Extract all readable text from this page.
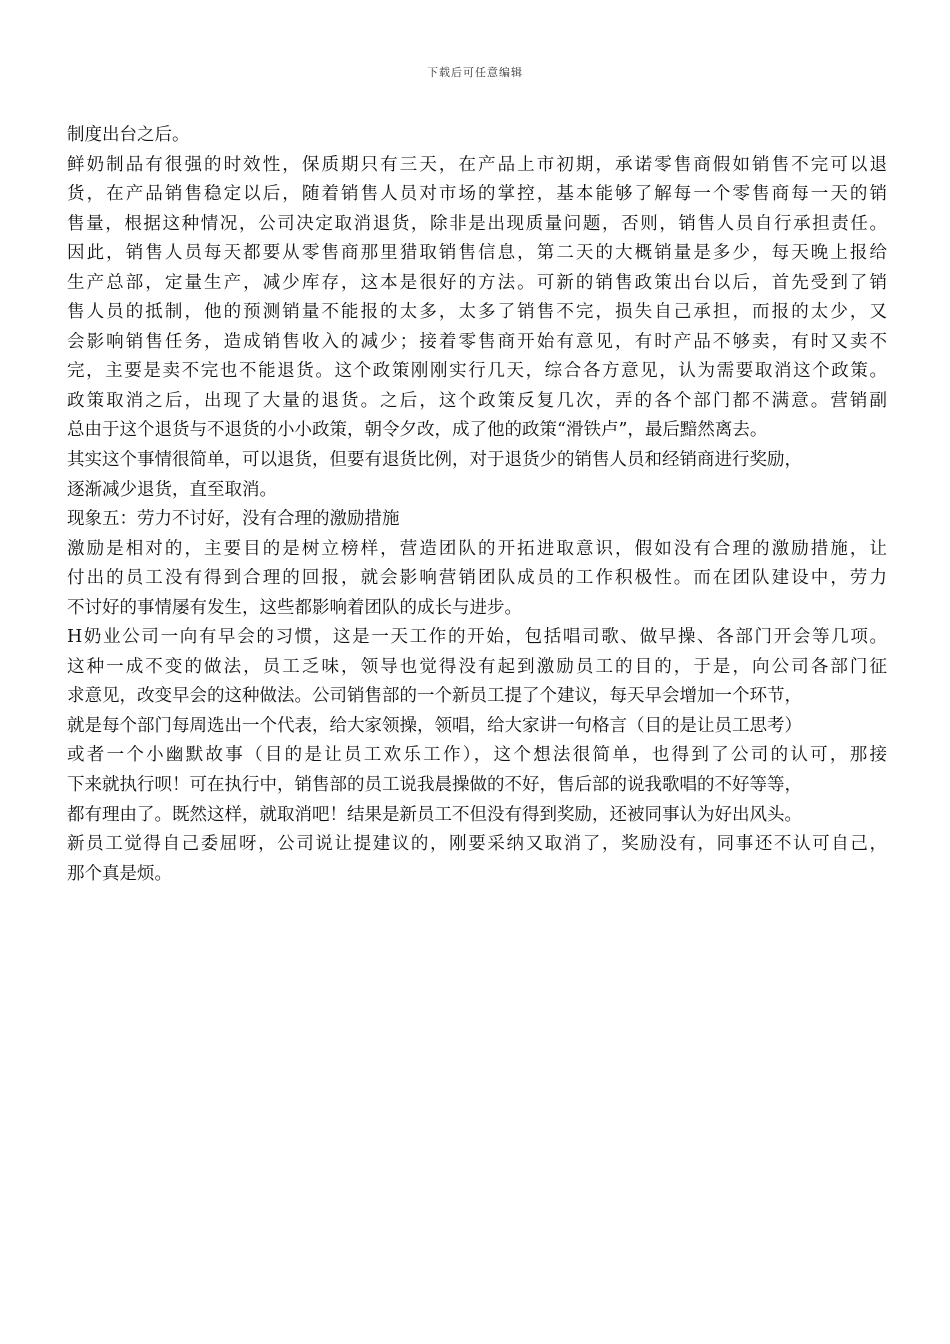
下载后可任意编辑
制度出台之后。
鲜奶制品有很强的时效性，保质期只有三天，在产品上市初期，承诺零售商假如销售不完可以退
货，在产品销售稳定以后，随着销售人员对市场的掌控，基本能够了解每一个零售商每一天的销
售量，根据这种情况，公司决定取消退货，除非是出现质量问题，否则，销售人员自行承担责任。
因此，销售人员每天都要从零售商那里猎取销售信息，第二天的大概销量是多少，每天晚上报给
生产总部，定量生产，减少库存，这本是很好的方法。可新的销售政策出台以后，首先受到了销
售人员的抵制，他的预测销量不能报的太多，太多了销售不完，损失自己承担，而报的太少，又
会影响销售任务，造成销售收入的减少；接着零售商开始有意见，有时产品不够卖，有时又卖不
完，主要是卖不完也不能退货。这个政策刚刚实行几天，综合各方意见，认为需要取消这个政策。
政策取消之后，出现了大量的退货。之后，这个政策反复几次，弄的各个部门都不满意。营销副
总由于这个退货与不退货的小小政策，朝令夕改，成了他的政策“滑铁卢”，最后黯然离去。
其实这个事情很简单，可以退货，但要有退货比例，对于退货少的销售人员和经销商进行奖励，
逐渐减少退货，直至取消。
现象五：劳力不讨好，没有合理的激励措施
激励是相对的，主要目的是树立榜样，营造团队的开拓进取意识，假如没有合理的激励措施，让
付出的员工没有得到合理的回报，就会影响营销团队成员的工作积极性。而在团队建设中，劳力
不讨好的事情屡有发生，这些都影响着团队的成长与进步。
H奶业公司一向有早会的习惯，这是一天工作的开始，包括唱司歌、做早操、各部门开会等几项。
这种一成不变的做法，员工乏味，领导也觉得没有起到激励员工的目的，于是，向公司各部门征
求意见，改变早会的这种做法。公司销售部的一个新员工提了个建议，每天早会增加一个环节，
就是每个部门每周选出一个代表，给大家领操，领唱，给大家讲一句格言（目的是让员工思考）
或者一个小幽默故事（目的是让员工欢乐工作），这个想法很简单，也得到了公司的认可，那接
下来就执行呗！可在执行中，销售部的员工说我晨操做的不好，售后部的说我歌唱的不好等等，
都有理由了。既然这样，就取消吧！结果是新员工不但没有得到奖励，还被同事认为好出风头。
新员工觉得自己委屈呀，公司说让提建议的，刚要采纳又取消了，奖励没有，同事还不认可自己，
那个真是烦。
